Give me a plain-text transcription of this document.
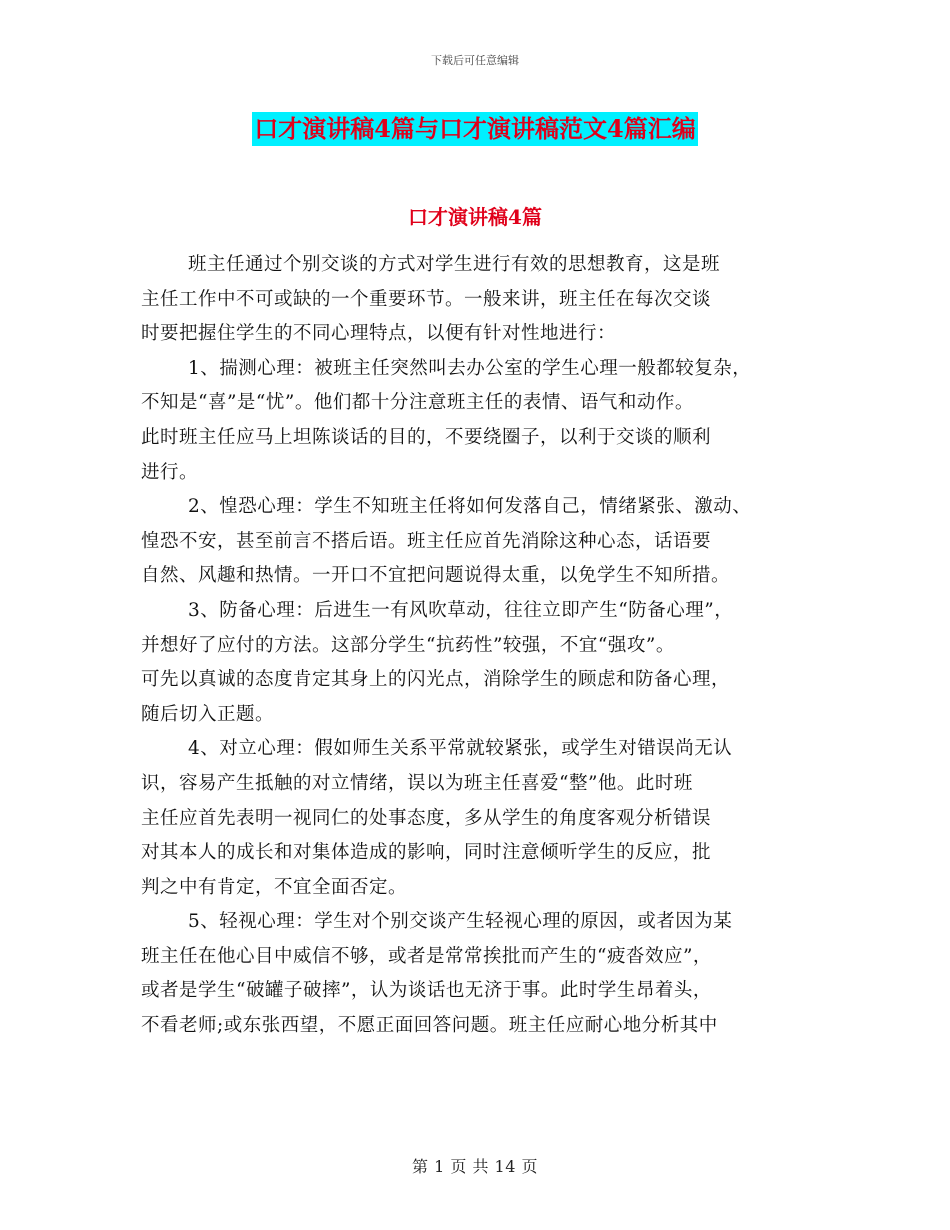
下载后可任意编辑
口才演讲稿4篇与口才演讲稿范文4篇汇编
口才演讲稿4篇
班主任通过个别交谈的方式对学生进行有效的思想教育，这是班
主任工作中不可或缺的一个重要环节。一般来讲，班主任在每次交谈
时要把握住学生的不同心理特点，以便有针对性地进行：
1、揣测心理：被班主任突然叫去办公室的学生心理一般都较复杂，
不知是“喜”是“忧”。他们都十分注意班主任的表情、语气和动作。
此时班主任应马上坦陈谈话的目的，不要绕圈子，以利于交谈的顺利
进行。
2、惶恐心理：学生不知班主任将如何发落自己，情绪紧张、激动、
惶恐不安，甚至前言不搭后语。班主任应首先消除这种心态，话语要
自然、风趣和热情。一开口不宜把问题说得太重，以免学生不知所措。
3、防备心理：后进生一有风吹草动，往往立即产生“防备心理”，
并想好了应付的方法。这部分学生“抗药性”较强，不宜“强攻”。
可先以真诚的态度肯定其身上的闪光点，消除学生的顾虑和防备心理，
随后切入正题。
4、对立心理：假如师生关系平常就较紧张，或学生对错误尚无认
识，容易产生抵触的对立情绪，误以为班主任喜爱“整”他。此时班
主任应首先表明一视同仁的处事态度，多从学生的角度客观分析错误
对其本人的成长和对集体造成的影响，同时注意倾听学生的反应，批
判之中有肯定，不宜全面否定。
5、轻视心理：学生对个别交谈产生轻视心理的原因，或者因为某
班主任在他心目中威信不够，或者是常常挨批而产生的“疲沓效应”，
或者是学生“破罐子破摔”，认为谈话也无济于事。此时学生昂着头，
不看老师;或东张西望，不愿正面回答问题。班主任应耐心地分析其中
第 1 页 共 14 页
